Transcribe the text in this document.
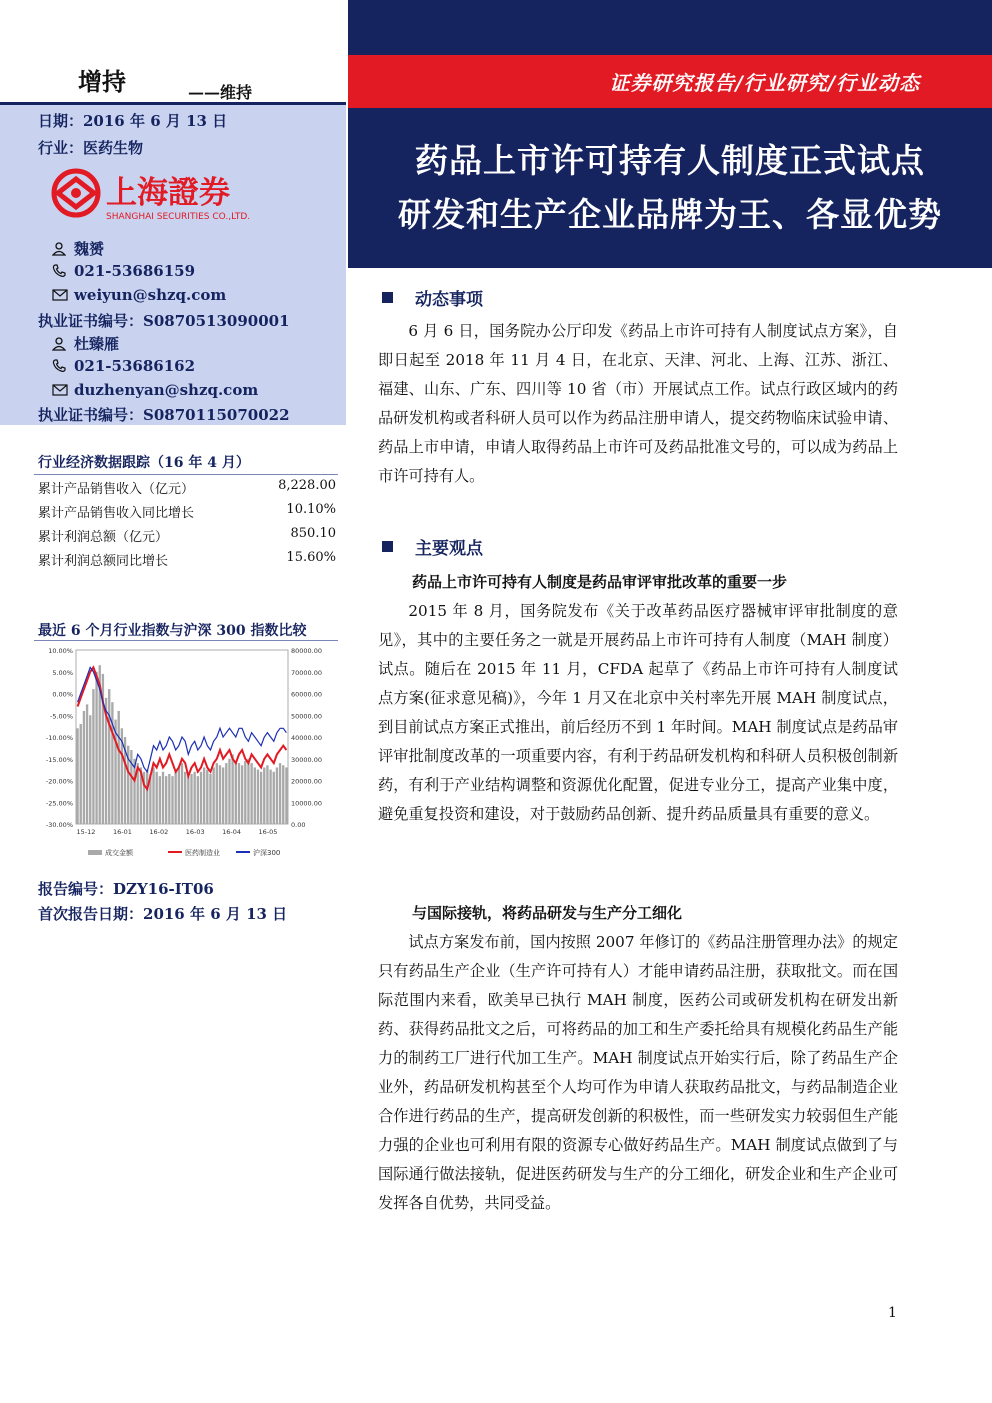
证券研究报告/行业研究/行业动态
药品上市许可持有人制度正式试点
研发和生产企业品牌为王、各显优势
增持	——维持
日期：2016 年 6 月 13 日
行业：医药生物
上海證券
SHANGHAI SECURITIES CO.,LTD.
魏赟
021-53686159
weiyun@shzq.com
执业证书编号：S0870513090001
杜臻雁
021-53686162
duzhenyan@shzq.com
执业证书编号：S0870115070022
行业经济数据跟踪（16 年 4 月）
累计产品销售收入（亿元）	8,228.00
累计产品销售收入同比增长	10.10%
累计利润总额（亿元）	850.10
累计利润总额同比增长	15.60%
最近 6 个月行业指数与沪深 300 指数比较
10.00%
5.00%
0.00%
-5.00%
-10.00%
-15.00%
-20.00%
-25.00%
-30.00%
80000.00
70000.00
60000.00
50000.00
40000.00
30000.00
20000.00
10000.00
0.00
15-12	16-01	16-02	16-03	16-04	16-05
成交金额	医药制造业	沪深300
报告编号：DZY16-IT06
首次报告日期：2016 年 6 月 13 日
动态事项
6 月 6 日，国务院办公厅印发《药品上市许可持有人制度试点方案》，自即日起至 2018 年 11 月 4 日，在北京、天津、河北、上海、江苏、浙江、福建、山东、广东、四川等 10 省（市）开展试点工作。试点行政区域内的药品研发机构或者科研人员可以作为药品注册申请人，提交药物临床试验申请、药品上市申请，申请人取得药品上市许可及药品批准文号的，可以成为药品上市许可持有人。
主要观点
药品上市许可持有人制度是药品审评审批改革的重要一步
2015 年 8 月，国务院发布《关于改革药品医疗器械审评审批制度的意见》，其中的主要任务之一就是开展药品上市许可持有人制度（MAH 制度）试点。随后在 2015 年 11 月，CFDA 起草了《药品上市许可持有人制度试点方案(征求意见稿)》，今年 1 月又在北京中关村率先开展 MAH 制度试点，到目前试点方案正式推出，前后经历不到 1 年时间。MAH 制度试点是药品审评审批制度改革的一项重要内容，有利于药品研发机构和科研人员积极创制新药，有利于产业结构调整和资源优化配置，促进专业分工，提高产业集中度，避免重复投资和建设，对于鼓励药品创新、提升药品质量具有重要的意义。
与国际接轨，将药品研发与生产分工细化
试点方案发布前，国内按照 2007 年修订的《药品注册管理办法》的规定只有药品生产企业（生产许可持有人）才能申请药品注册，获取批文。而在国际范围内来看，欧美早已执行 MAH 制度，医药公司或研发机构在研发出新药、获得药品批文之后，可将药品的加工和生产委托给具有规模化药品生产能力的制药工厂进行代加工生产。MAH 制度试点开始实行后，除了药品生产企业外，药品研发机构甚至个人均可作为申请人获取药品批文，与药品制造企业合作进行药品的生产，提高研发创新的积极性，而一些研发实力较弱但生产能力强的企业也可利用有限的资源专心做好药品生产。MAH 制度试点做到了与国际通行做法接轨，促进医药研发与生产的分工细化，研发企业和生产企业可发挥各自优势，共同受益。
1
